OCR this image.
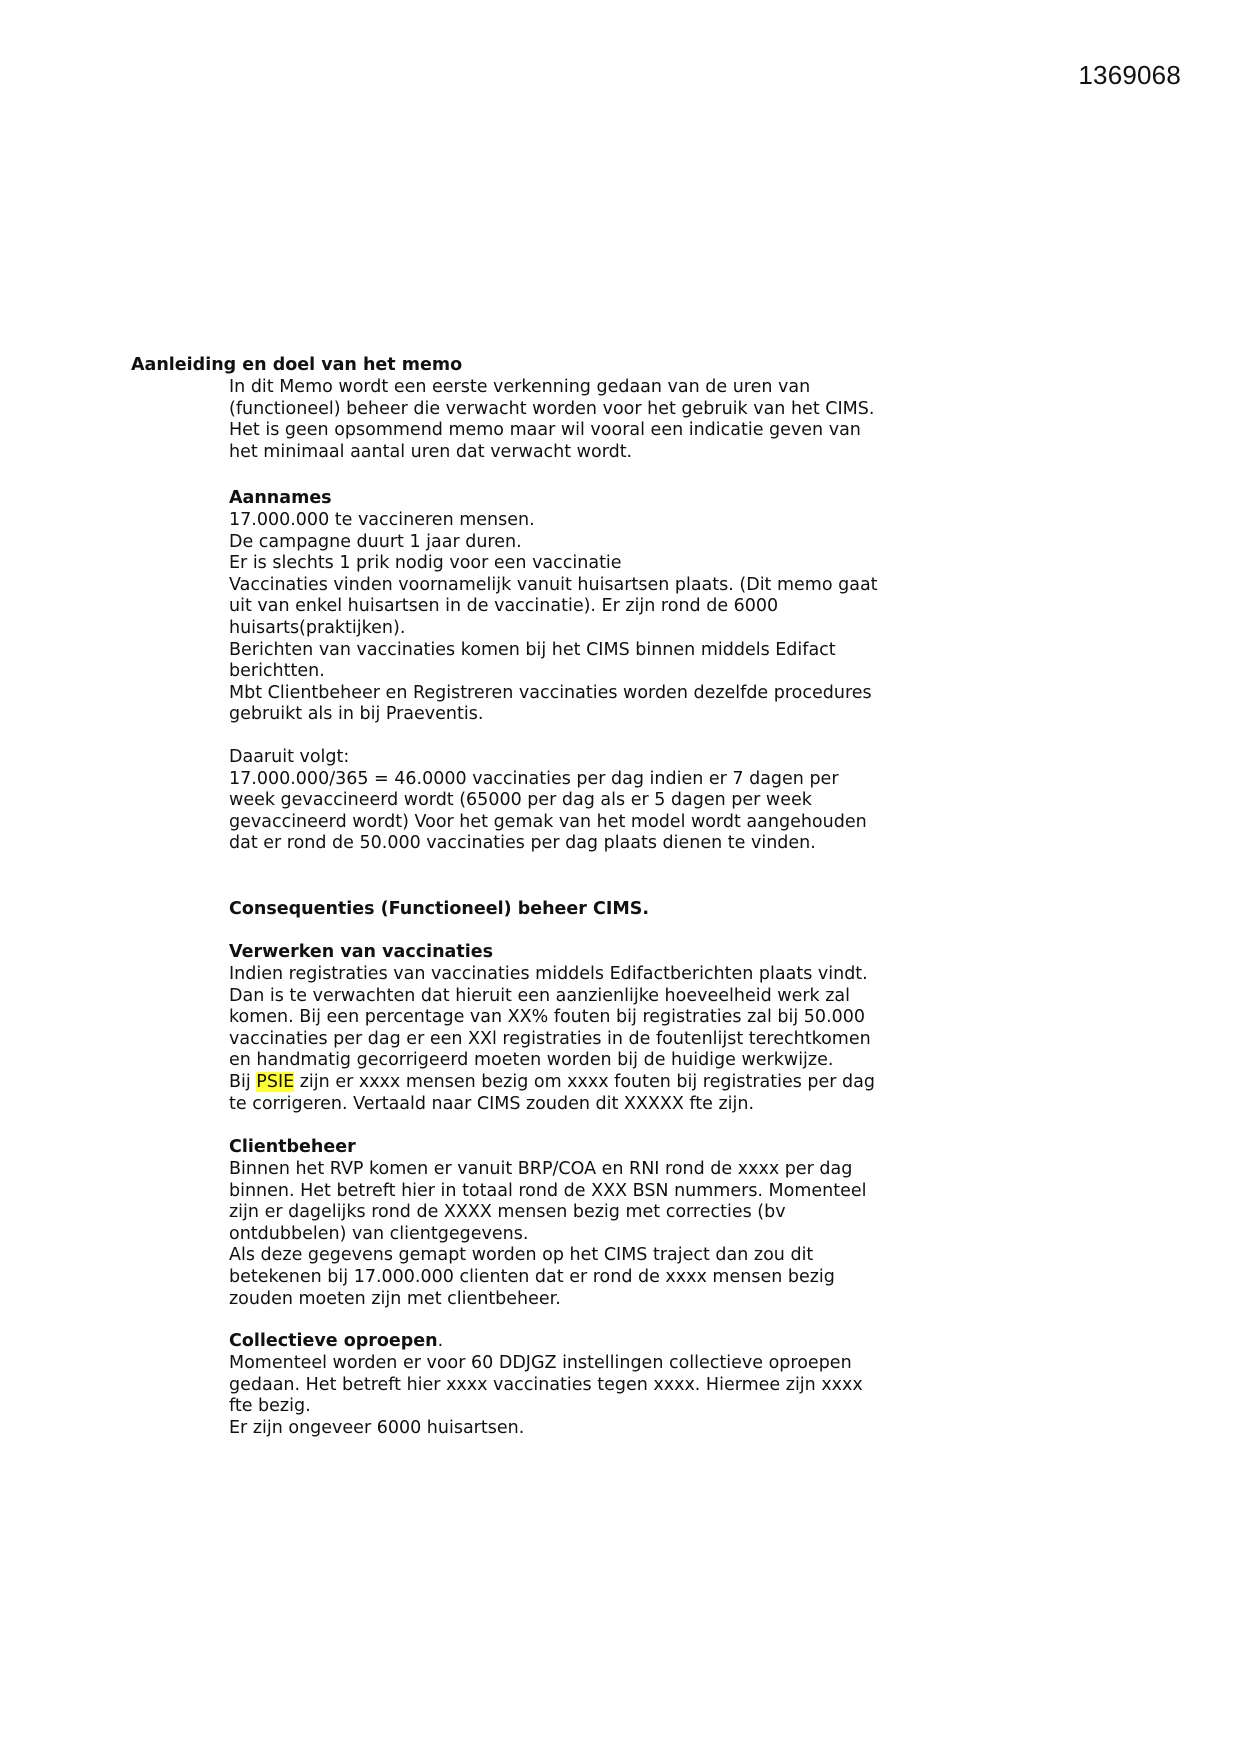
1369068
Aanleiding en doel van het memo
In dit Memo wordt een eerste verkenning gedaan van de uren van
(functioneel) beheer die verwacht worden voor het gebruik van het CIMS.
Het is geen opsommend memo maar wil vooral een indicatie geven van
het minimaal aantal uren dat verwacht wordt.
Aannames
17.000.000 te vaccineren mensen.
De campagne duurt 1 jaar duren.
Er is slechts 1 prik nodig voor een vaccinatie
Vaccinaties vinden voornamelijk vanuit huisartsen plaats. (Dit memo gaat
uit van enkel huisartsen in de vaccinatie). Er zijn rond de 6000
huisarts(praktijken).
Berichten van vaccinaties komen bij het CIMS binnen middels Edifact
berichtten.
Mbt Clientbeheer en Registreren vaccinaties worden dezelfde procedures
gebruikt als in bij Praeventis.
Daaruit volgt:
17.000.000/365 = 46.0000 vaccinaties per dag indien er 7 dagen per
week gevaccineerd wordt (65000 per dag als er 5 dagen per week
gevaccineerd wordt) Voor het gemak van het model wordt aangehouden
dat er rond de 50.000 vaccinaties per dag plaats dienen te vinden.
Consequenties (Functioneel) beheer CIMS.
Verwerken van vaccinaties
Indien registraties van vaccinaties middels Edifactberichten plaats vindt.
Dan is te verwachten dat hieruit een aanzienlijke hoeveelheid werk zal
komen. Bij een percentage van XX% fouten bij registraties zal bij 50.000
vaccinaties per dag er een XXl registraties in de foutenlijst terechtkomen
en handmatig gecorrigeerd moeten worden bij de huidige werkwijze.
Bij PSIE zijn er xxxx mensen bezig om xxxx fouten bij registraties per dag
te corrigeren. Vertaald naar CIMS zouden dit XXXXX fte zijn.
Clientbeheer
Binnen het RVP komen er vanuit BRP/COA en RNI rond de xxxx per dag
binnen. Het betreft hier in totaal rond de XXX BSN nummers. Momenteel
zijn er dagelijks rond de XXXX mensen bezig met correcties (bv
ontdubbelen) van clientgegevens.
Als deze gegevens gemapt worden op het CIMS traject dan zou dit
betekenen bij 17.000.000 clienten dat er rond de xxxx mensen bezig
zouden moeten zijn met clientbeheer.
Collectieve oproepen.
Momenteel worden er voor 60 DDJGZ instellingen collectieve oproepen
gedaan. Het betreft hier xxxx vaccinaties tegen xxxx. Hiermee zijn xxxx
fte bezig.
Er zijn ongeveer 6000 huisartsen.
